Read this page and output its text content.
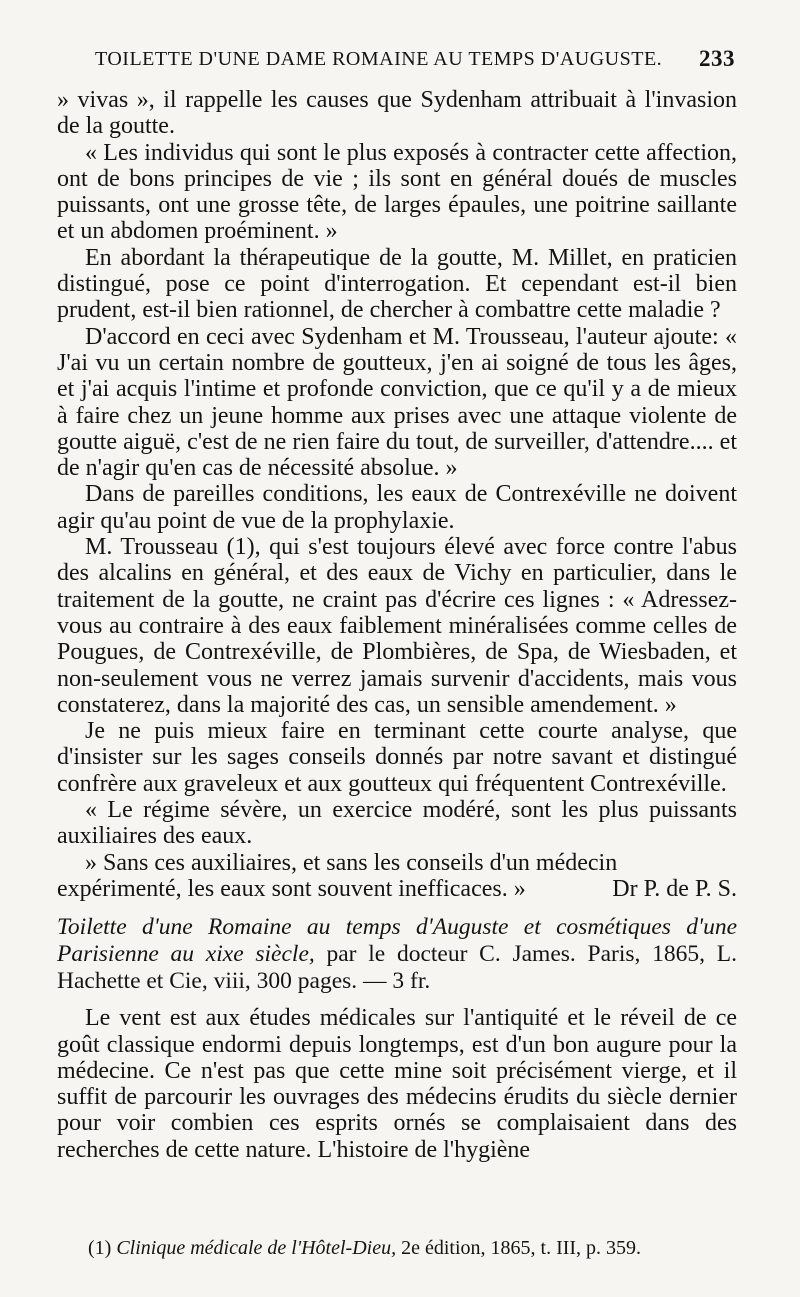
TOILETTE D'UNE DAME ROMAINE AU TEMPS D'AUGUSTE. 233

» vivas », il rappelle les causes que Sydenham attribuait à l'invasion de la goutte.

« Les individus qui sont le plus exposés à contracter cette affection, ont de bons principes de vie ; ils sont en général doués de muscles puissants, ont une grosse tête, de larges épaules, une poitrine saillante et un abdomen proéminent. »

En abordant la thérapeutique de la goutte, M. Millet, en praticien distingué, pose ce point d'interrogation. Et cependant est-il bien prudent, est-il bien rationnel, de chercher à combattre cette maladie ?

D'accord en ceci avec Sydenham et M. Trousseau, l'auteur ajoute: « J'ai vu un certain nombre de goutteux, j'en ai soigné de tous les âges, et j'ai acquis l'intime et profonde conviction, que ce qu'il y a de mieux à faire chez un jeune homme aux prises avec une attaque violente de goutte aiguë, c'est de ne rien faire du tout, de surveiller, d'attendre.... et de n'agir qu'en cas de nécessité absolue. »

Dans de pareilles conditions, les eaux de Contrexéville ne doivent agir qu'au point de vue de la prophylaxie.

M. Trousseau (1), qui s'est toujours élevé avec force contre l'abus des alcalins en général, et des eaux de Vichy en particulier, dans le traitement de la goutte, ne craint pas d'écrire ces lignes : « Adressez-vous au contraire à des eaux faiblement minéralisées comme celles de Pougues, de Contrexéville, de Plombières, de Spa, de Wiesbaden, et non-seulement vous ne verrez jamais survenir d'accidents, mais vous constaterez, dans la majorité des cas, un sensible amendement. »

Je ne puis mieux faire en terminant cette courte analyse, que d'insister sur les sages conseils donnés par notre savant et distingué confrère aux graveleux et aux goutteux qui fréquentent Contrexéville.

« Le régime sévère, un exercice modéré, sont les plus puissants auxiliaires des eaux.

» Sans ces auxiliaires, et sans les conseils d'un médecin expérimenté, les eaux sont souvent inefficaces. »	Dr P. de P. S.

Toilette d'une Romaine au temps d'Auguste et cosmétiques d'une Parisienne au xixe siècle, par le docteur C. James. Paris, 1865, L. Hachette et Cie, viii, 300 pages. — 3 fr.

Le vent est aux études médicales sur l'antiquité et le réveil de ce goût classique endormi depuis longtemps, est d'un bon augure pour la médecine. Ce n'est pas que cette mine soit précisément vierge, et il suffit de parcourir les ouvrages des médecins érudits du siècle dernier pour voir combien ces esprits ornés se complaisaient dans des recherches de cette nature. L'histoire de l'hygiène

(1) Clinique médicale de l'Hôtel-Dieu, 2e édition, 1865, t. III, p. 359.
